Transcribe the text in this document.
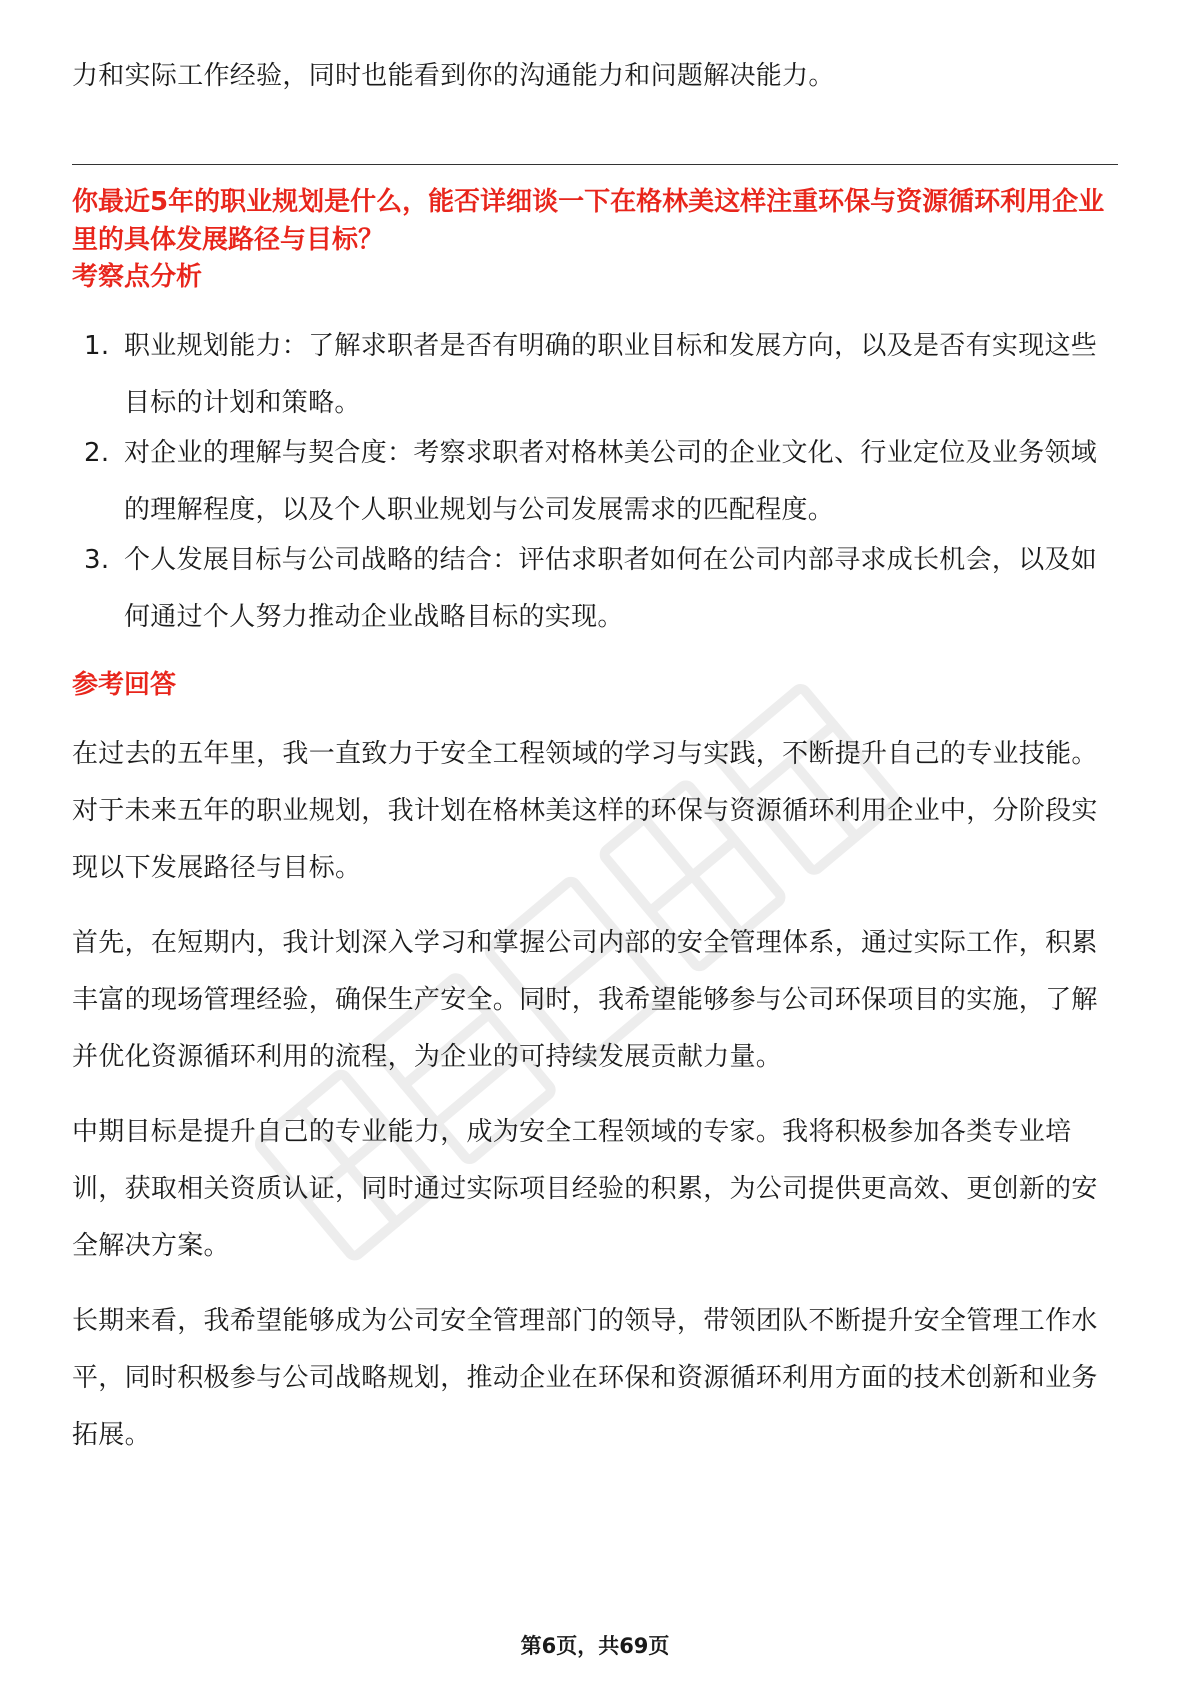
力和实际工作经验，同时也能看到你的沟通能力和问题解决能力。

你最近5年的职业规划是什么，能否详细谈一下在格林美这样注重环保与资源循环利用企业里的具体发展路径与目标？

考察点分析

1. 职业规划能力：了解求职者是否有明确的职业目标和发展方向，以及是否有实现这些目标的计划和策略。
2. 对企业的理解与契合度：考察求职者对格林美公司的企业文化、行业定位及业务领域的理解程度，以及个人职业规划与公司发展需求的匹配程度。
3. 个人发展目标与公司战略的结合：评估求职者如何在公司内部寻求成长机会，以及如何通过个人努力推动企业战略目标的实现。

参考回答

在过去的五年里，我一直致力于安全工程领域的学习与实践，不断提升自己的专业技能。对于未来五年的职业规划，我计划在格林美这样的环保与资源循环利用企业中，分阶段实现以下发展路径与目标。

首先，在短期内，我计划深入学习和掌握公司内部的安全管理体系，通过实际工作，积累丰富的现场管理经验，确保生产安全。同时，我希望能够参与公司环保项目的实施，了解并优化资源循环利用的流程，为企业的可持续发展贡献力量。

中期目标是提升自己的专业能力，成为安全工程领域的专家。我将积极参加各类专业培训，获取相关资质认证，同时通过实际项目经验的积累，为公司提供更高效、更创新的安全解决方案。

长期来看，我希望能够成为公司安全管理部门的领导，带领团队不断提升安全管理工作水平，同时积极参与公司战略规划，推动企业在环保和资源循环利用方面的技术创新和业务拓展。

第6页，共69页
